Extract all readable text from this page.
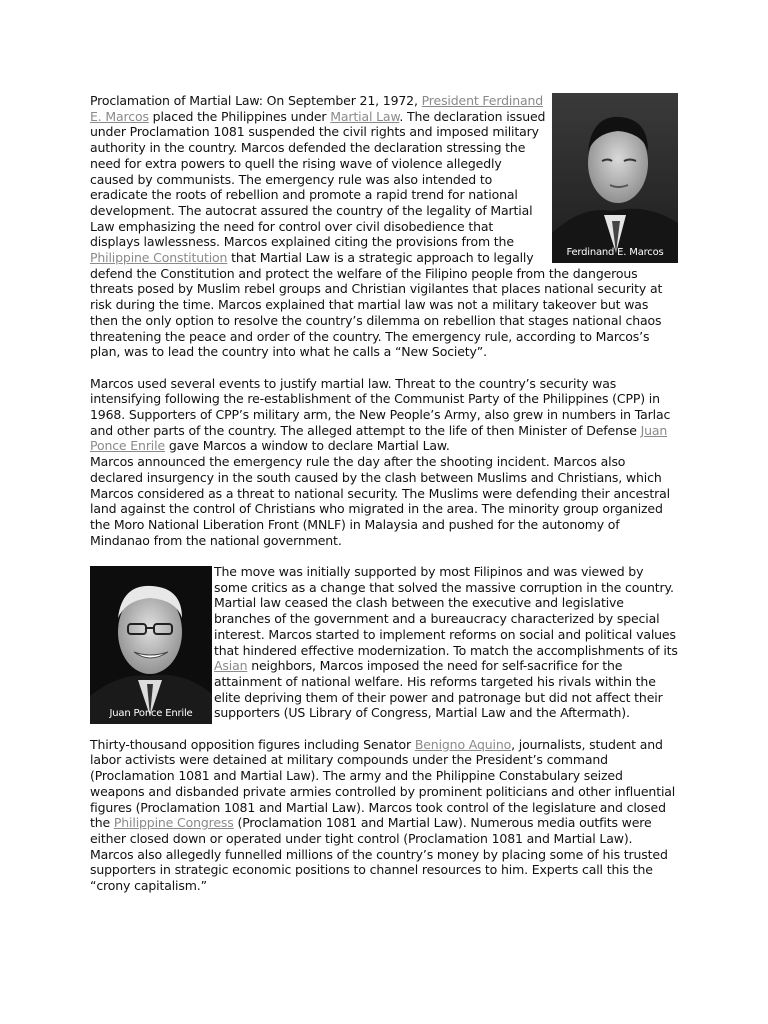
Ferdinand E. Marcos

Proclamation of Martial Law: On September 21, 1972, President Ferdinand E. Marcos placed the Philippines under Martial Law. The declaration issued under Proclamation 1081 suspended the civil rights and imposed military authority in the country. Marcos defended the declaration stressing the need for extra powers to quell the rising wave of violence allegedly caused by communists. The emergency rule was also intended to eradicate the roots of rebellion and promote a rapid trend for national development. The autocrat assured the country of the legality of Martial Law emphasizing the need for control over civil disobedience that displays lawlessness. Marcos explained citing the provisions from the Philippine Constitution that Martial Law is a strategic approach to legally defend the Constitution and protect the welfare of the Filipino people from the dangerous threats posed by Muslim rebel groups and Christian vigilantes that places national security at risk during the time. Marcos explained that martial law was not a military takeover but was then the only option to resolve the country’s dilemma on rebellion that stages national chaos threatening the peace and order of the country. The emergency rule, according to Marcos’s plan, was to lead the country into what he calls a “New Society”.

Marcos used several events to justify martial law. Threat to the country’s security was intensifying following the re-establishment of the Communist Party of the Philippines (CPP) in 1968. Supporters of CPP’s military arm, the New People’s Army, also grew in numbers in Tarlac and other parts of the country. The alleged attempt to the life of then Minister of Defense Juan Ponce Enrile gave Marcos a window to declare Martial Law.

Marcos announced the emergency rule the day after the shooting incident. Marcos also declared insurgency in the south caused by the clash between Muslims and Christians, which Marcos considered as a threat to national security. The Muslims were defending their ancestral land against the control of Christians who migrated in the area. The minority group organized the Moro National Liberation Front (MNLF) in Malaysia and pushed for the autonomy of Mindanao from the national government.

Juan Ponce Enrile

The move was initially supported by most Filipinos and was viewed by some critics as a change that solved the massive corruption in the country. Martial law ceased the clash between the executive and legislative branches of the government and a bureaucracy characterized by special interest. Marcos started to implement reforms on social and political values that hindered effective modernization. To match the accomplishments of its Asian neighbors, Marcos imposed the need for self-sacrifice for the attainment of national welfare. His reforms targeted his rivals within the elite depriving them of their power and patronage but did not affect their supporters (US Library of Congress, Martial Law and the Aftermath).

Thirty-thousand opposition figures including Senator Benigno Aquino, journalists, student and labor activists were detained at military compounds under the President’s command (Proclamation 1081 and Martial Law). The army and the Philippine Constabulary seized weapons and disbanded private armies controlled by prominent politicians and other influential figures (Proclamation 1081 and Martial Law). Marcos took control of the legislature and closed the Philippine Congress (Proclamation 1081 and Martial Law). Numerous media outfits were either closed down or operated under tight control (Proclamation 1081 and Martial Law). Marcos also allegedly funnelled millions of the country’s money by placing some of his trusted supporters in strategic economic positions to channel resources to him. Experts call this the “crony capitalism.”
